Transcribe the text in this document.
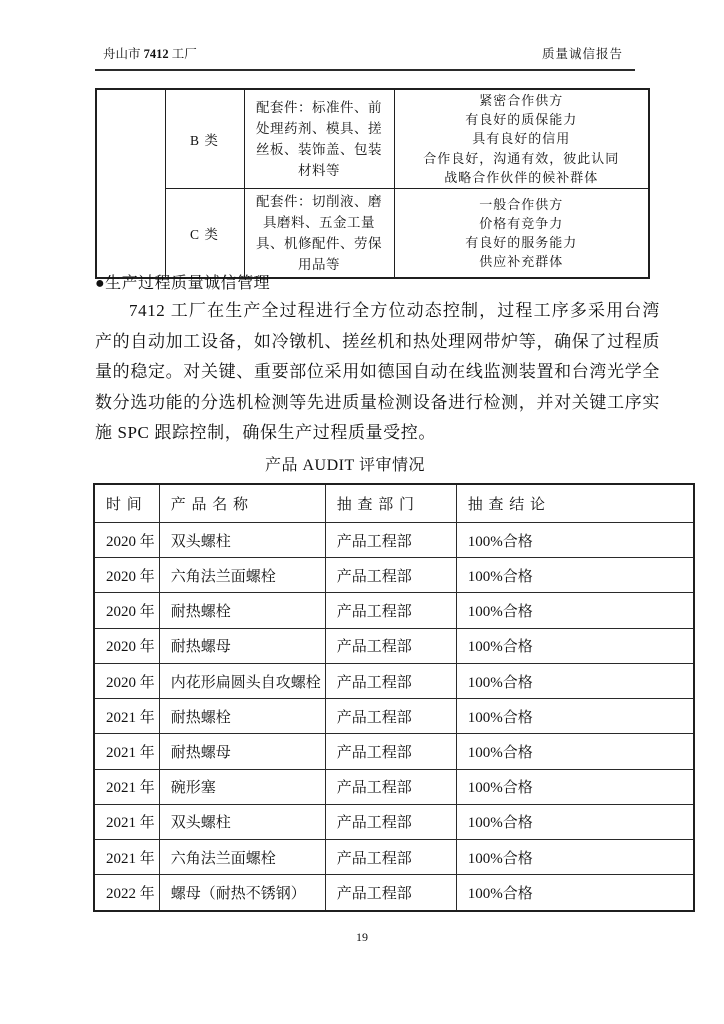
舟山市 7412 工厂	质量诚信报告
	B 类	配套件：标准件、前处理药剂、模具、搓丝板、装饰盖、包装材料等	紧密合作供方
有良好的质保能力
具有良好的信用
合作良好，沟通有效，彼此认同
战略合作伙伴的候补群体

	C 类	配套件：切削液、磨具磨料、五金工量具、机修配件、劳保用品等	一般合作供方
价格有竞争力
有良好的服务能力
供应补充群体
●生产过程质量诚信管理
7412 工厂在生产全过程进行全方位动态控制，过程工序多采用台湾产的自动加工设备，如冷镦机、搓丝机和热处理网带炉等，确保了过程质量的稳定。对关键、重要部位采用如德国自动在线监测装置和台湾光学全数分选功能的分选机检测等先进质量检测设备进行检测，并对关键工序实施 SPC 跟踪控制，确保生产过程质量受控。
产品 AUDIT 评审情况
时 间	产 品 名 称	抽 查 部 门	抽 查 结 论
2020 年	双头螺柱	产品工程部	100%合格
2020 年	六角法兰面螺栓	产品工程部	100%合格
2020 年	耐热螺栓	产品工程部	100%合格
2020 年	耐热螺母	产品工程部	100%合格
2020 年	内花形扁圆头自攻螺栓	产品工程部	100%合格
2021 年	耐热螺栓	产品工程部	100%合格
2021 年	耐热螺母	产品工程部	100%合格
2021 年	碗形塞	产品工程部	100%合格
2021 年	双头螺柱	产品工程部	100%合格
2021 年	六角法兰面螺栓	产品工程部	100%合格
2022 年	螺母（耐热不锈钢）	产品工程部	100%合格
19
